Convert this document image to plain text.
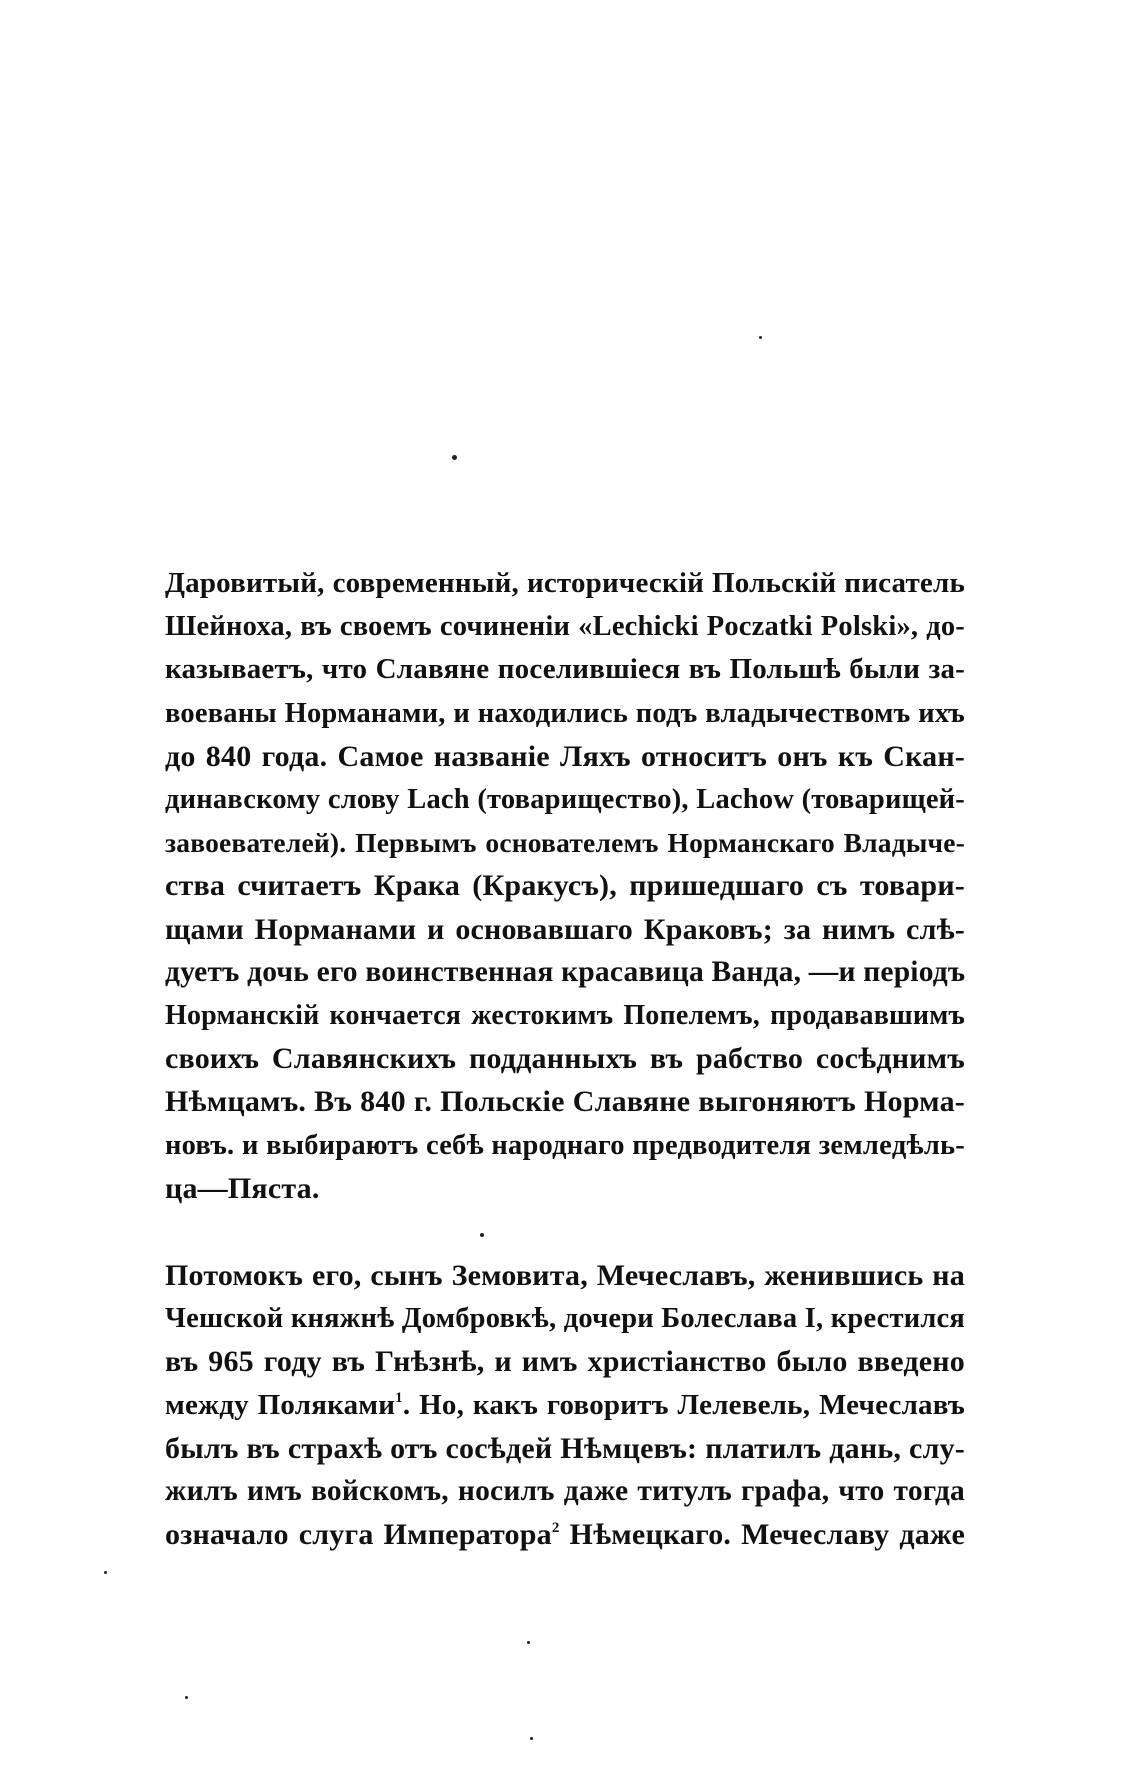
Даровитый, современный, историческій Польскій писатель
Шейноха, въ своемъ сочиненіи «Lechicki Poczatki Polski», до-
казываетъ, что Славяне поселившіеся въ Польшѣ были за-
воеваны Норманами, и находились подъ владычествомъ ихъ
до 840 года. Самое названіе Ляхъ относитъ онъ къ Скан-
динавскому слову Lach (товарищество), Lachow (товарищей-
завоевателей). Первымъ основателемъ Норманскаго Владыче-
ства считаетъ Крака (Кракусъ), пришедшаго съ товари-
щами Норманами и основавшаго Краковъ; за нимъ слѣ-
дуетъ дочь его воинственная красавица Ванда, —и періодъ
Норманскій кончается жестокимъ Попелемъ, продававшимъ
своихъ Славянскихъ подданныхъ въ рабство сосѣднимъ
Нѣмцамъ. Въ 840 г. Польскіе Славяне выгоняютъ Норма-
новъ. и выбираютъ себѣ народнаго предводителя землeдѣль-
ца—Пяста.
Потомокъ его, сынъ Земовита, Мечеславъ, женившись на
Чешской княжнѣ Домбровкѣ, дочери Болеслава I, крестился
въ 965 году въ Гнѣзнѣ, и имъ христіанство было введено
между Поляками$^1$. Но, какъ говоритъ Лелевель, Мечеславъ
былъ въ страхѣ отъ сосѣдей Нѣмцевъ: платилъ дань, слу-
жилъ имъ войскомъ, носилъ даже титулъ графа, что тогда
означало слуга Императора$^2$ Нѣмецкаго. Мечеславу даже
